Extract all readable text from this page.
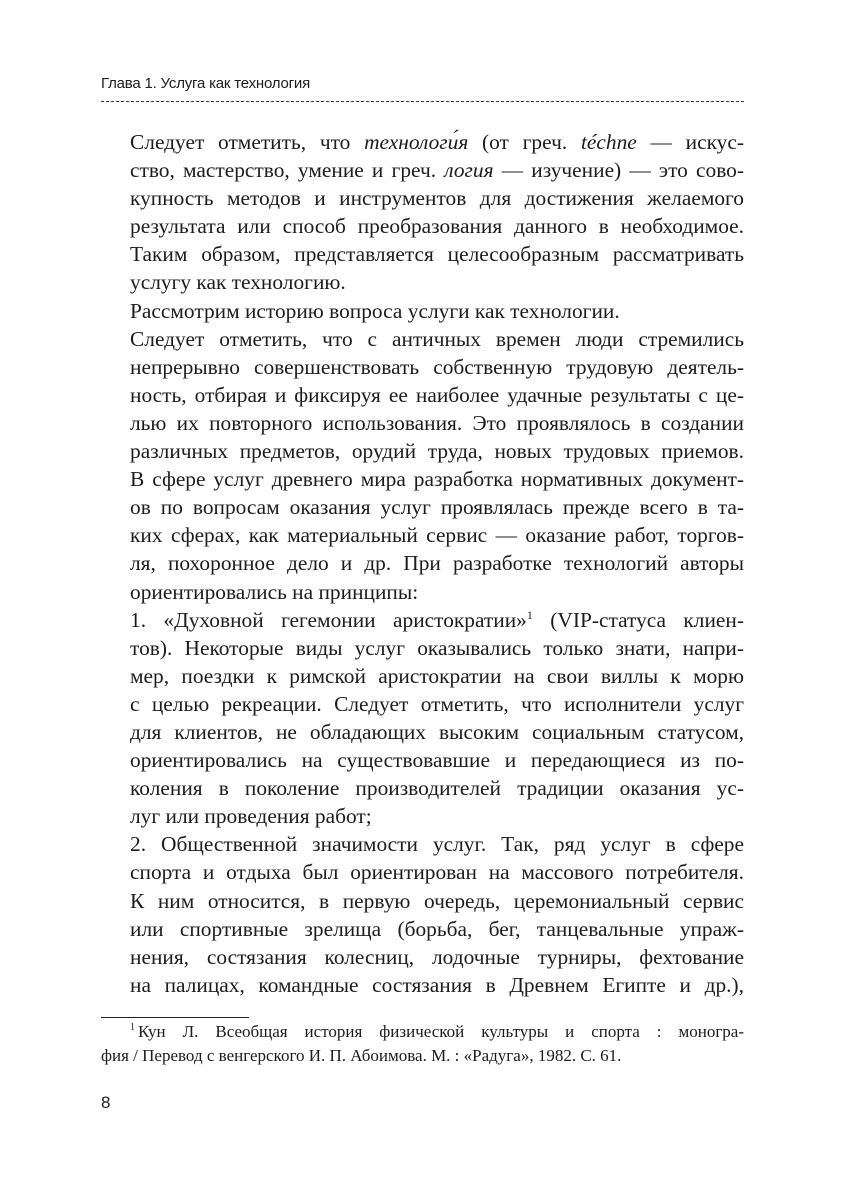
Глава 1. Услуга как технология

Следует отметить, что технологи́я (от греч. téchne — искус-
ство, мастерство, умение и греч. логия — изучение) — это сово-
купность методов и инструментов для достижения желаемого
результата или способ преобразования данного в необходимое.
Таким образом, представляется целесообразным рассматривать
услугу как технологию.

Рассмотрим историю вопроса услуги как технологии.

Следует отметить, что с античных времен люди стремились
непрерывно совершенствовать собственную трудовую деятель-
ность, отбирая и фиксируя ее наиболее удачные результаты с це-
лью их повторного использования. Это проявлялось в создании
различных предметов, орудий труда, новых трудовых приемов.
В сфере услуг древнего мира разработка нормативных документ-
ов по вопросам оказания услуг проявлялась прежде всего в та-
ких сферах, как материальный сервис — оказание работ, торгов-
ля, похоронное дело и др. При разработке технологий авторы
ориентировались на принципы:

1. «Духовной гегемонии аристократии»$^1$ (VIP-статуса клиен-
тов). Некоторые виды услуг оказывались только знати, напри-
мер, поездки к римской аристократии на свои виллы к морю
с целью рекреации. Следует отметить, что исполнители услуг
для клиентов, не обладающих высоким социальным статусом,
ориентировались на существовавшие и передающиеся из по-
коления в поколение производителей традиции оказания ус-
луг или проведения работ;

2. Общественной значимости услуг. Так, ряд услуг в сфере
спорта и отдыха был ориентирован на массового потребителя.
К ним относится, в первую очередь, церемониальный сервис
или спортивные зрелища (борьба, бег, танцевальные упраж-
нения, состязания колесниц, лодочные турниры, фехтование
на палицах, командные состязания в Древнем Египте и др.),

$^1$ Кун Л. Всеобщая история физической культуры и спорта : моногра-
фия / Перевод с венгерского И. П. Абоимова. М. : «Радуга», 1982. С. 61.
8
